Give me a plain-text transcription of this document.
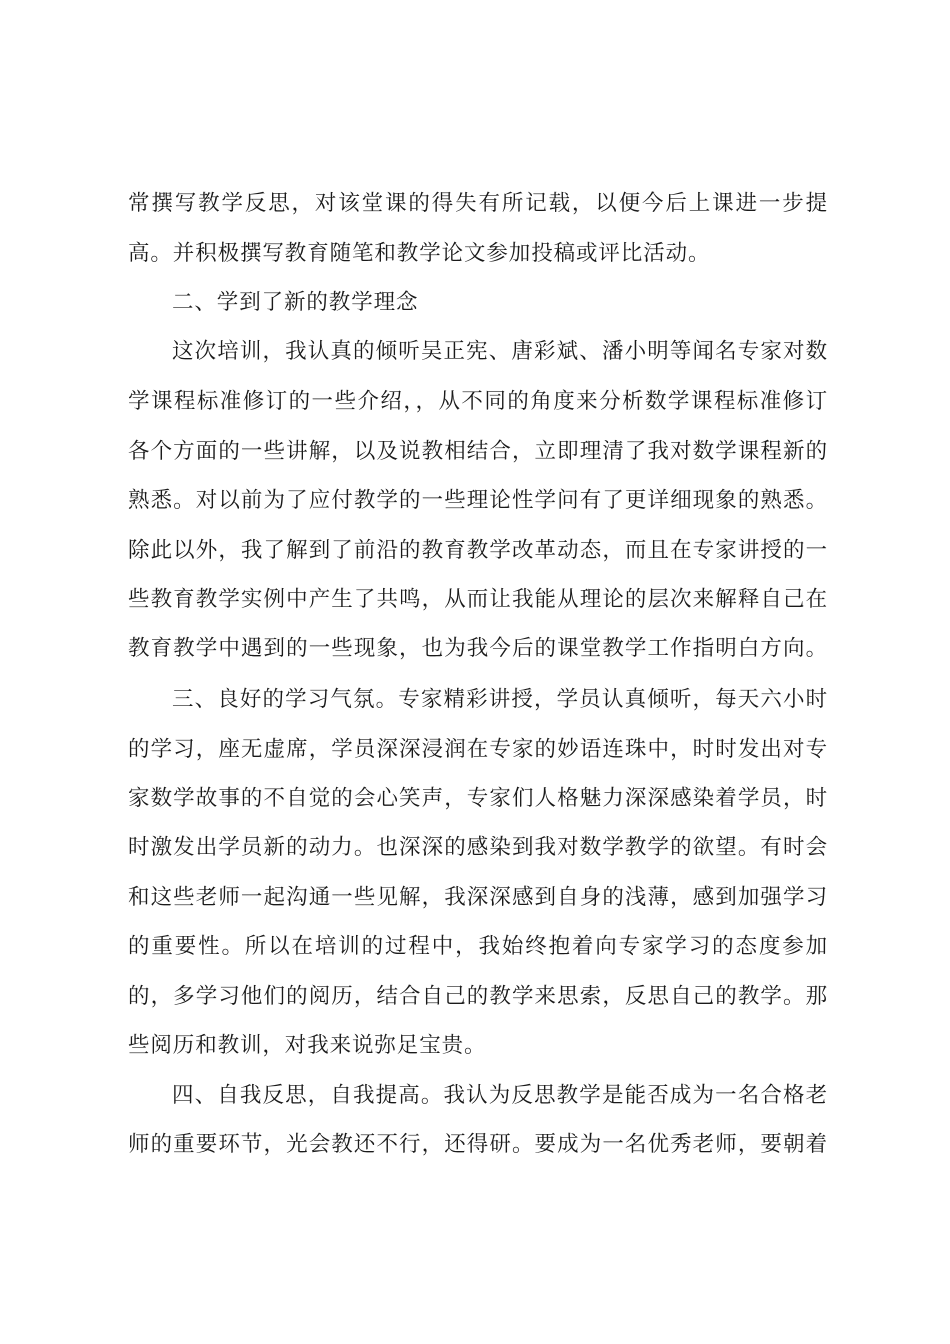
常撰写教学反思，对该堂课的得失有所记载，以便今后上课进一步提
高。并积极撰写教育随笔和教学论文参加投稿或评比活动。
二、学到了新的教学理念
这次培训，我认真的倾听吴正宪、唐彩斌、潘小明等闻名专家对数
学课程标准修订的一些介绍，，从不同的角度来分析数学课程标准修订
各个方面的一些讲解，以及说教相结合，立即理清了我对数学课程新的
熟悉。对以前为了应付教学的一些理论性学问有了更详细现象的熟悉。
除此以外，我了解到了前沿的教育教学改革动态，而且在专家讲授的一
些教育教学实例中产生了共鸣，从而让我能从理论的层次来解释自己在
教育教学中遇到的一些现象，也为我今后的课堂教学工作指明白方向。
三、良好的学习气氛。专家精彩讲授，学员认真倾听，每天六小时
的学习，座无虚席，学员深深浸润在专家的妙语连珠中，时时发出对专
家数学故事的不自觉的会心笑声，专家们人格魅力深深感染着学员，时
时激发出学员新的动力。也深深的感染到我对数学教学的欲望。有时会
和这些老师一起沟通一些见解，我深深感到自身的浅薄，感到加强学习
的重要性。所以在培训的过程中，我始终抱着向专家学习的态度参加
的，多学习他们的阅历，结合自己的教学来思索，反思自己的教学。那
些阅历和教训，对我来说弥足宝贵。
四、自我反思，自我提高。我认为反思教学是能否成为一名合格老
师的重要环节，光会教还不行，还得研。要成为一名优秀老师，要朝着
